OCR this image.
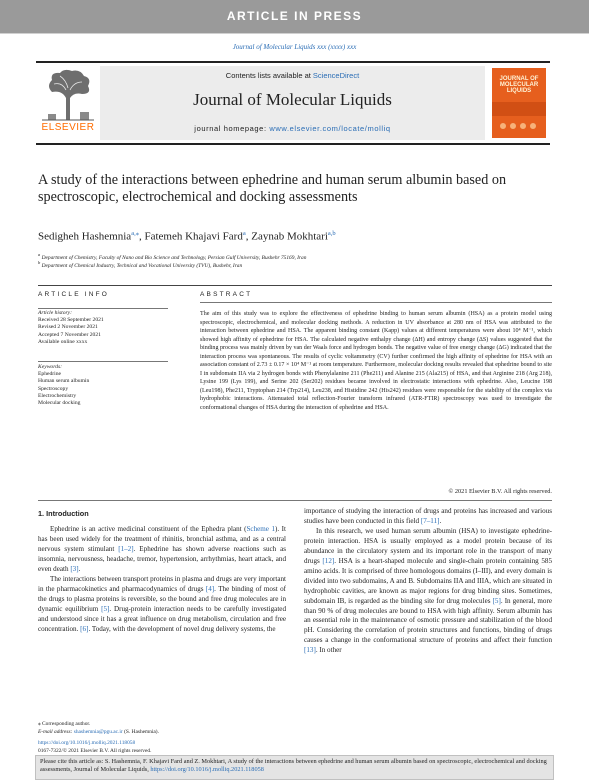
ARTICLE IN PRESS
Journal of Molecular Liquids xxx (xxxx) xxx
ELSEVIER
Contents lists available at ScienceDirect
Journal of Molecular Liquids
journal homepage: www.elsevier.com/locate/molliq
JOURNAL OF MOLECULAR LIQUIDS
A study of the interactions between ephedrine and human serum albumin based on spectroscopic, electrochemical and docking assessments
Sedigheh Hashemnia$^{a,⁎}$, Fatemeh Khajavi Fard$^a$, Zaynab Mokhtari$^{a,b}$
$^a$ Department of Chemistry, Faculty of Nano and Bio Science and Technology, Persian Gulf University, Bushehr 75169, Iran
$^b$ Department of Chemical Industry, Technical and Vocational University (TVU), Bushehr, Iran
ARTICLE INFO	ABSTRACT
Article history:
Received 28 September 2021
Revised 2 November 2021
Accepted 7 November 2021
Available online xxxx
Keywords:
Ephedrine
Human serum albumin
Spectroscopy
Electrochemistry
Molecular docking
The aim of this study was to explore the effectiveness of ephedrine binding to human serum albumin (HSA) as a protein model using spectroscopic, electrochemical, and molecular docking methods. A reduction in UV absorbance at 280 nm of HSA was attributed to the interaction between ephedrine and HSA. The apparent binding constant (Kapp) values at different temperatures were about 10⁴ M⁻¹, which showed high affinity of ephedrine for HSA. The calculated negative enthalpy change (ΔH) and entropy change (ΔS) values suggested that the binding process was mainly driven by van der Waals force and hydrogen bonds. The negative value of free energy change (ΔG) indicated that the interaction process was spontaneous. The results of cyclic voltammetry (CV) further confirmed the high affinity of ephedrine for HSA with an association constant of 2.73 ± 0.17 × 10⁴ M⁻¹ at room temperature. Furthermore, molecular docking results revealed that ephedrine bound to site I in subdomain IIA via 2 hydrogen bonds with Phenylalanine 211 (Phe211) and Alanine 215 (Ala215) of HSA, and that Arginine 218 (Arg 218), Lysine 199 (Lys 199), and Serine 202 (Ser202) residues became involved in electrostatic interactions with ephedrine. Also, Leucine 198 (Leu198), Phe211, Tryptophan 214 (Trp214), Leu238, and Histidine 242 (His242) residues were responsible for the stability of the complex via hydrophobic interactions. Attenuated total reflection-Fourier transform infrared (ATR-FTIR) spectroscopy was used to investigate the conformational changes of HSA during the interaction of ephedrine and HSA.
© 2021 Elsevier B.V. All rights reserved.
1. Introduction

Ephedrine is an active medicinal constituent of the Ephedra plant (Scheme 1). It has been used widely for the treatment of rhinitis, bronchial asthma, and as a central nervous system stimulant [1–2]. Ephedrine has shown adverse reactions such as insomnia, nervousness, headache, tremor, hypertension, arrhythmias, heart attack, and even death [3].

The interactions between transport proteins in plasma and drugs are very important in the pharmacokinetics and pharmacodynamics of drugs [4]. The binding of most of the drugs to plasma proteins is reversible, so the bound and free drug molecules are in dynamic equilibrium [5]. Drug-protein interaction needs to be carefully investigated and understood since it has a great influence on drug metabolism, circulation and free concentration. [6]. Today, with the development of novel drug delivery systems, the

importance of studying the interaction of drugs and proteins has increased and various studies have been conducted in this field [7–11].

In this research, we used human serum albumin (HSA) to investigate ephedrine-protein interaction. HSA is usually employed as a model protein because of its abundance in the circulatory system and its important role in the transport of many drugs [12]. HSA is a heart-shaped molecule and single-chain protein containing 585 amino acids. It is comprised of three homologous domains (I–III), and every domain is divided into two subdomains, A and B. Subdomains IIA and IIIA, which are situated in hydrophobic cavities, are known as major regions for drug binding sites. Sometimes, subdomain IB, is regarded as the binding site for drug molecules [5]. In general, more than 90 % of drug molecules are bound to HSA with high affinity. Serum albumin has an essential role in the maintenance of osmotic pressure and stabilization of the blood pH. Considering the correlation of protein structures and functions, binding of drugs causes a change in the conformational structure of proteins and affect their function [13]. In other

⁎ Corresponding author.
E-mail address: shashemnia@pgu.ac.ir (S. Hashemnia).
https://doi.org/10.1016/j.molliq.2021.118058
0167-7322/© 2021 Elsevier B.V. All rights reserved.
Please cite this article as: S. Hashemnia, F. Khajavi Fard and Z. Mokhtari, A study of the interactions between ephedrine and human serum albumin based on spectroscopic, electrochemical and docking assessments, Journal of Molecular Liquids, https://doi.org/10.1016/j.molliq.2021.118058
